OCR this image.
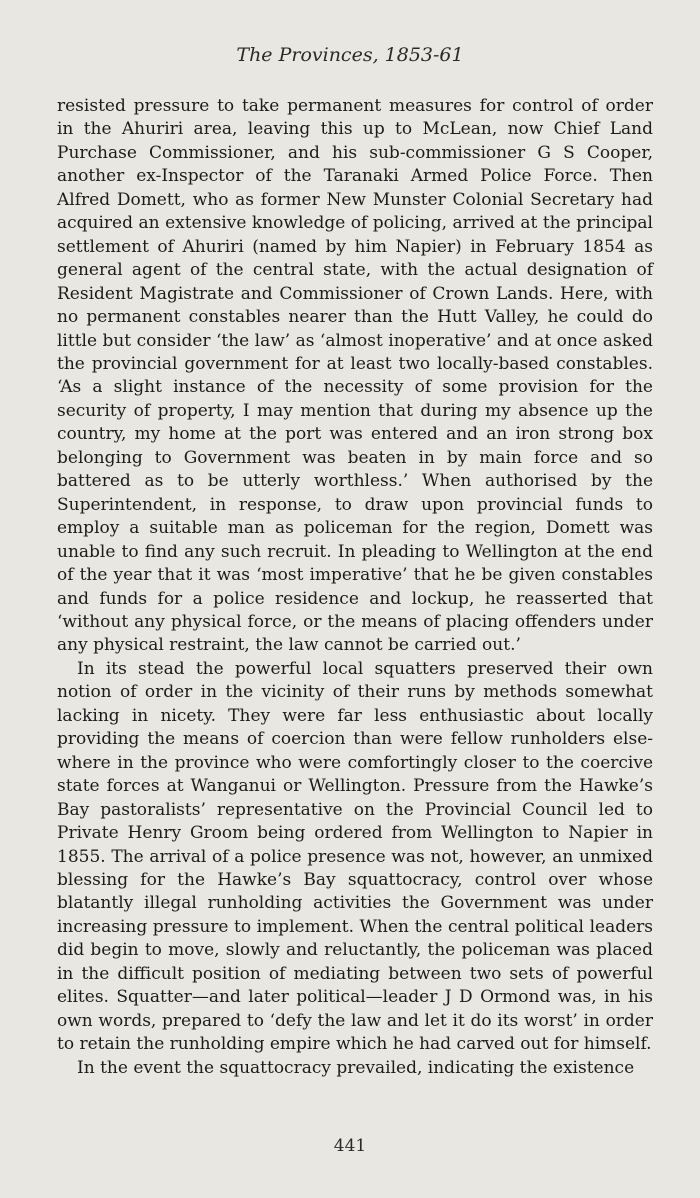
The Provinces, 1853-61

resisted pressure to take permanent measures for control of order in the Ahuriri area, leaving this up to McLean, now Chief Land Purchase Commissioner, and his sub-commissioner G S Cooper, another ex-Inspector of the Taranaki Armed Police Force. Then Alfred Domett, who as former New Munster Colonial Secretary had acquired an extensive knowledge of policing, arrived at the principal settlement of Ahuriri (named by him Napier) in February 1854 as general agent of the central state, with the actual designation of Resident Magistrate and Commissioner of Crown Lands. Here, with no permanent constables nearer than the Hutt Valley, he could do little but consider ‘the law’ as ‘almost inoperative’ and at once asked the provincial government for at least two locally-based constables. ‘As a slight instance of the necessity of some provision for the security of property, I may mention that during my absence up the country, my home at the port was entered and an iron strong box belonging to Government was beaten in by main force and so battered as to be utterly worthless.’ When authorised by the Superintendent, in response, to draw upon provincial funds to employ a suitable man as policeman for the region, Domett was unable to find any such recruit. In pleading to Wellington at the end of the year that it was ‘most imperative’ that he be given constables and funds for a police residence and lockup, he reasserted that ‘without any physical force, or the means of placing offenders under any physical restraint, the law cannot be carried out.’

In its stead the powerful local squatters preserved their own notion of order in the vicinity of their runs by methods somewhat lacking in nicety. They were far less enthusiastic about locally providing the means of coercion than were fellow runholders elsewhere in the province who were comfortingly closer to the coercive state forces at Wanganui or Wellington. Pressure from the Hawke’s Bay pastoralists’ representative on the Provincial Council led to Private Henry Groom being ordered from Wellington to Napier in 1855. The arrival of a police presence was not, however, an unmixed blessing for the Hawke’s Bay squattocracy, control over whose blatantly illegal runholding activities the Government was under increasing pressure to implement. When the central political leaders did begin to move, slowly and reluctantly, the policeman was placed in the difficult position of mediating between two sets of powerful elites. Squatter—and later political—leader J D Ormond was, in his own words, prepared to ‘defy the law and let it do its worst’ in order to retain the runholding empire which he had carved out for himself.

In the event the squattocracy prevailed, indicating the existence

441
